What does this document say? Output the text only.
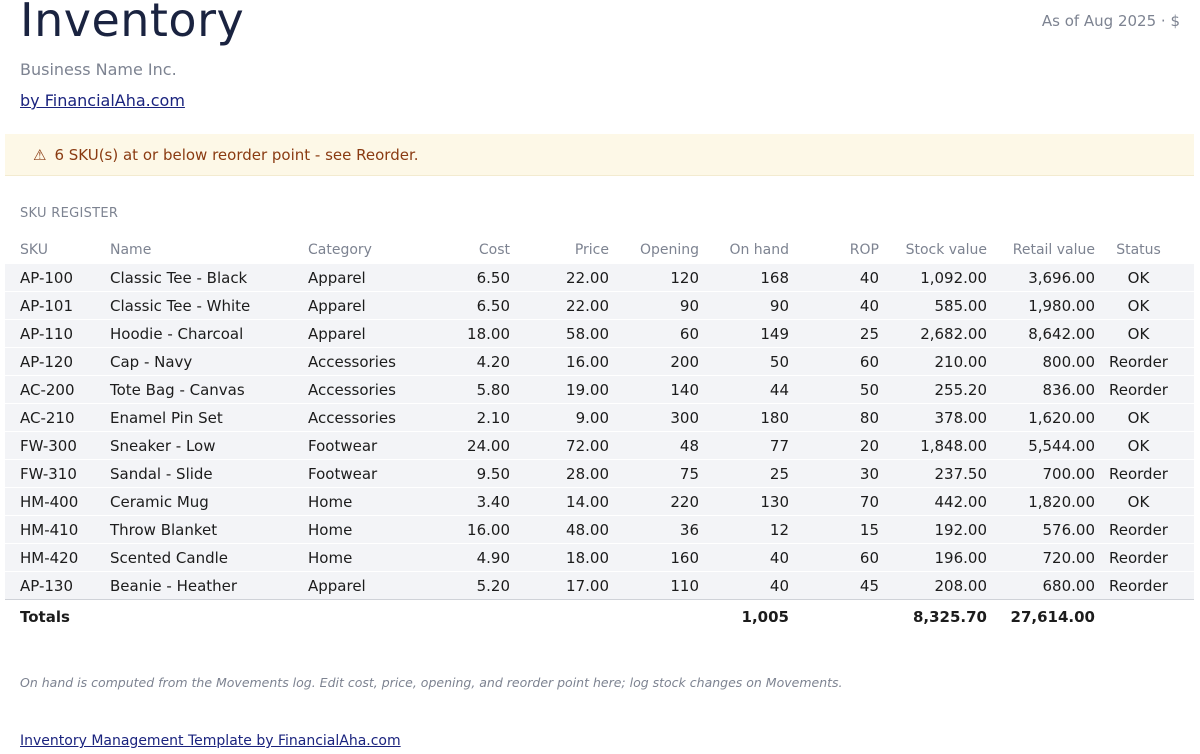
Inventory	As of Aug 2025 · $
Business Name Inc.
by FinancialAha.com
⚠ 6 SKU(s) at or below reorder point - see Reorder.
SKU REGISTER
	SKU	Name	Category	Cost	Price	Opening	On hand	ROP	Stock value	Retail value	Status	
	AP-100	Classic Tee - Black	Apparel	6.50	22.00	120	168	40	1,092.00	3,696.00	OK	
	AP-101	Classic Tee - White	Apparel	6.50	22.00	90	90	40	585.00	1,980.00	OK	
	AP-110	Hoodie - Charcoal	Apparel	18.00	58.00	60	149	25	2,682.00	8,642.00	OK	
	AP-120	Cap - Navy	Accessories	4.20	16.00	200	50	60	210.00	800.00	Reorder	
	AC-200	Tote Bag - Canvas	Accessories	5.80	19.00	140	44	50	255.20	836.00	Reorder	
	AC-210	Enamel Pin Set	Accessories	2.10	9.00	300	180	80	378.00	1,620.00	OK	
	FW-300	Sneaker - Low	Footwear	24.00	72.00	48	77	20	1,848.00	5,544.00	OK	
	FW-310	Sandal - Slide	Footwear	9.50	28.00	75	25	30	237.50	700.00	Reorder	
	HM-400	Ceramic Mug	Home	3.40	14.00	220	130	70	442.00	1,820.00	OK	
	HM-410	Throw Blanket	Home	16.00	48.00	36	12	15	192.00	576.00	Reorder	
	HM-420	Scented Candle	Home	4.90	18.00	160	40	60	196.00	720.00	Reorder	
	AP-130	Beanie - Heather	Apparel	5.20	17.00	110	40	45	208.00	680.00	Reorder	
	Totals						1,005		8,325.70	27,614.00		
On hand is computed from the Movements log. Edit cost, price, opening, and reorder point here; log stock changes on Movements.
Inventory Management Template by FinancialAha.com
